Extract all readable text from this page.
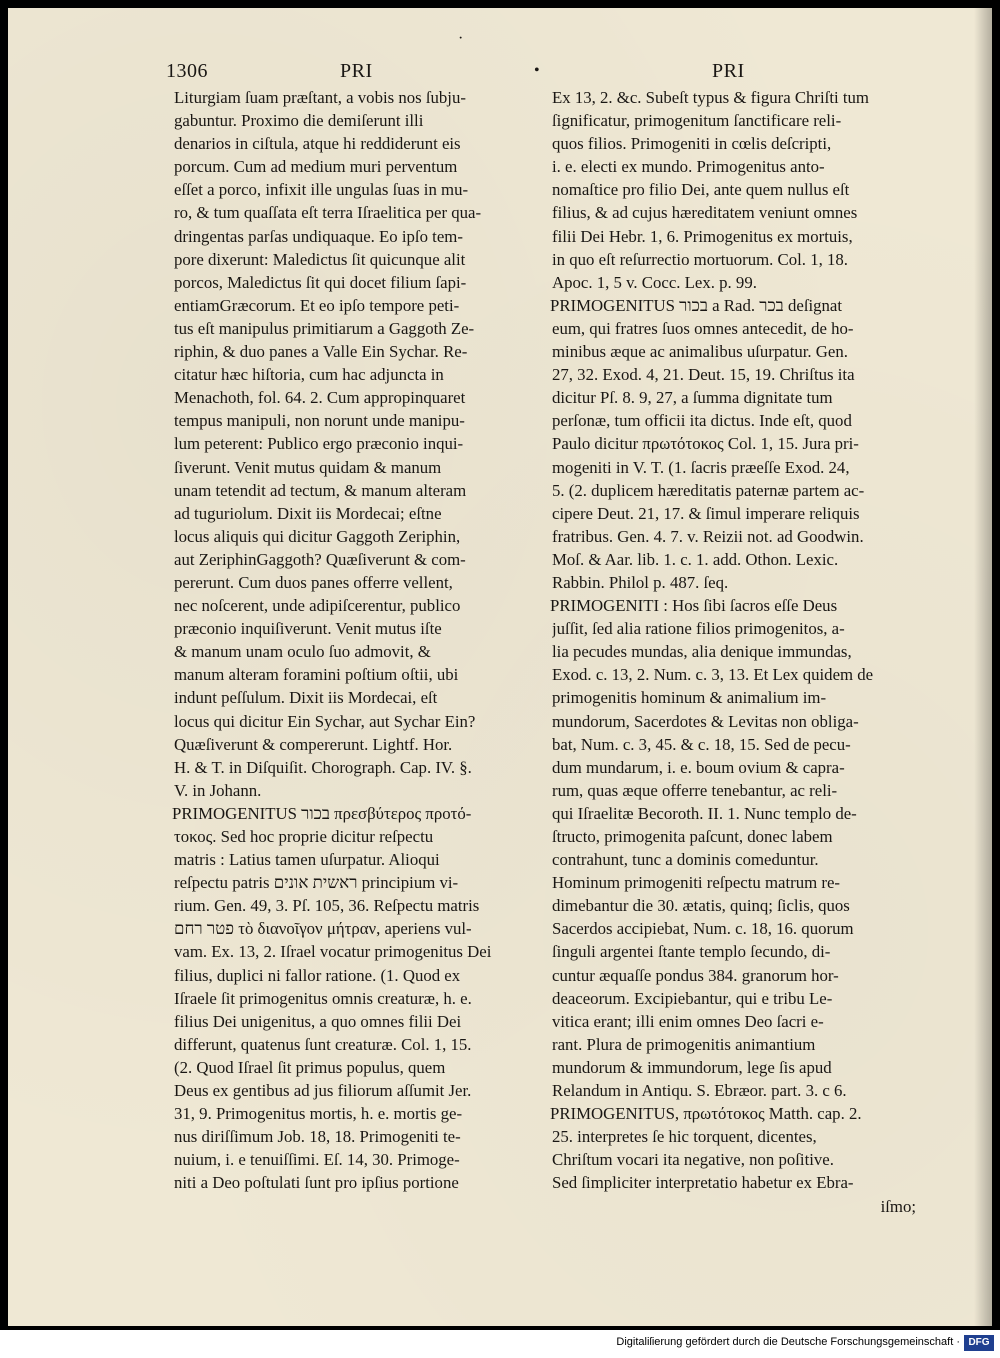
·
•
1306	PRI	PRI
Liturgiam ſuam præſtant, a vobis nos ſubju-
gabuntur. Proximo die demiſerunt illi
denarios in ciſtula, atque hi reddiderunt eis
porcum. Cum ad medium muri perventum
eſſet a porco, infixit ille ungulas ſuas in mu-
ro, & tum quaſſata eſt terra Iſraelitica per qua-
dringentas parſas undiquaque. Eo ipſo tem-
pore dixerunt: Maledictus ſit quicunque alit
porcos, Maledictus ſit qui docet filium ſapi-
entiamGræcorum. Et eo ipſo tempore peti-
tus eſt manipulus primitiarum a Gaggoth Ze-
riphin, & duo panes a Valle Ein Sychar. Re-
citatur hæc hiſtoria, cum hac adjuncta in
Menachoth, fol. 64. 2. Cum appropinquaret
tempus manipuli, non norunt unde manipu-
lum peterent: Publico ergo præconio inqui-
ſiverunt. Venit mutus quidam & manum
unam tetendit ad tectum, & manum alteram
ad tuguriolum. Dixit iis Mordecai; eſtne
locus aliquis qui dicitur Gaggoth Zeriphin,
aut ZeriphinGaggoth? Quæſiverunt & com-
pererunt. Cum duos panes offerre vellent,
nec noſcerent, unde adipiſcerentur, publico
præconio inquiſiverunt. Venit mutus iſte
& manum unam oculo ſuo admovit, &
manum alteram foramini poſtium oſtii, ubi
indunt peſſulum. Dixit iis Mordecai, eſt
locus qui dicitur Ein Sychar, aut Sychar Ein?
Quæſiverunt & compererunt. Lightf. Hor.
H. & T. in Diſquiſit. Chorograph. Cap. IV. §.
V. in Johann.
PRIMOGENITUS בכור πρεσβύτερος προτό-
τοκος. Sed hoc proprie dicitur reſpectu
matris : Latius tamen uſurpatur. Alioqui
reſpectu patris ראשית אונים principium vi-
rium. Gen. 49, 3. Pſ. 105, 36. Reſpectu matris
פטר רחם τὸ διανοῖγον μήτραν, aperiens vul-
vam. Ex. 13, 2. Iſrael vocatur primogenitus Dei
filius, duplici ni fallor ratione. (1. Quod ex
Iſraele ſit primogenitus omnis creaturæ, h. e.
filius Dei unigenitus, a quo omnes filii Dei
differunt, quatenus ſunt creaturæ. Col. 1, 15.
(2. Quod Iſrael ſit primus populus, quem
Deus ex gentibus ad jus filiorum aſſumit Jer.
31, 9. Primogenitus mortis, h. e. mortis ge-
nus diriſſimum Job. 18, 18. Primogeniti te-
nuium, i. e tenuiſſimi. Eſ. 14, 30. Primoge-
niti a Deo poſtulati ſunt pro ipſius portione
Ex 13, 2. &c. Subeſt typus & figura Chriſti tum
ſignificatur, primogenitum ſanctificare reli-
quos filios. Primogeniti in cœlis deſcripti,
i. e. electi ex mundo. Primogenitus anto-
nomaſtice pro filio Dei, ante quem nullus eſt
filius, & ad cujus hæreditatem veniunt omnes
filii Dei Hebr. 1, 6. Primogenitus ex mortuis,
in quo eſt reſurrectio mortuorum. Col. 1, 18.
Apoc. 1, 5 v. Cocc. Lex. p. 99.
PRIMOGENITUS בכור a Rad. בכר deſignat
eum, qui fratres ſuos omnes antecedit, de ho-
minibus æque ac animalibus uſurpatur. Gen.
27, 32. Exod. 4, 21. Deut. 15, 19. Chriſtus ita
dicitur Pſ. 8. 9, 27, a ſumma dignitate tum
perſonæ, tum officii ita dictus. Inde eſt, quod
Paulo dicitur πρωτότοκος Col. 1, 15. Jura pri-
mogeniti in V. T. (1. ſacris præeſſe Exod. 24,
5. (2. duplicem hæreditatis paternæ partem ac-
cipere Deut. 21, 17. & ſimul imperare reliquis
fratribus. Gen. 4. 7. v. Reizii not. ad Goodwin.
Moſ. & Aar. lib. 1. c. 1. add. Othon. Lexic.
Rabbin. Philol p. 487. ſeq.
PRIMOGENITI : Hos ſibi ſacros eſſe Deus
juſſit, ſed alia ratione filios primogenitos, a-
lia pecudes mundas, alia denique immundas,
Exod. c. 13, 2. Num. c. 3, 13. Et Lex quidem de
primogenitis hominum & animalium im-
mundorum, Sacerdotes & Levitas non obliga-
bat, Num. c. 3, 45. & c. 18, 15. Sed de pecu-
dum mundarum, i. e. boum ovium & capra-
rum, quas æque offerre tenebantur, ac reli-
qui Iſraelitæ Becoroth. II. 1. Nunc templo de-
ſtructo, primogenita paſcunt, donec labem
contrahunt, tunc a dominis comeduntur.
Hominum primogeniti reſpectu matrum re-
dimebantur die 30. ætatis, quinq; ſiclis, quos
Sacerdos accipiebat, Num. c. 18, 16. quorum
ſinguli argentei ſtante templo ſecundo, di-
cuntur æquaſſe pondus 384. granorum hor-
deaceorum. Excipiebantur, qui e tribu Le-
vitica erant; illi enim omnes Deo ſacri e-
rant. Plura de primogenitis animantium
mundorum & immundorum, lege ſis apud
Relandum in Antiqu. S. Ebræor. part. 3. c 6.
PRIMOGENITUS, πρωτότοκος Matth. cap. 2.
25. interpretes ſe hic torquent, dicentes,
Chriſtum vocari ita negative, non poſitive.
Sed ſimpliciter interpretatio habetur ex Ebra-
iſmo;
Digitaliſierung gefördert durch die Deutsche Forschungsgemeinschaft · DFG
